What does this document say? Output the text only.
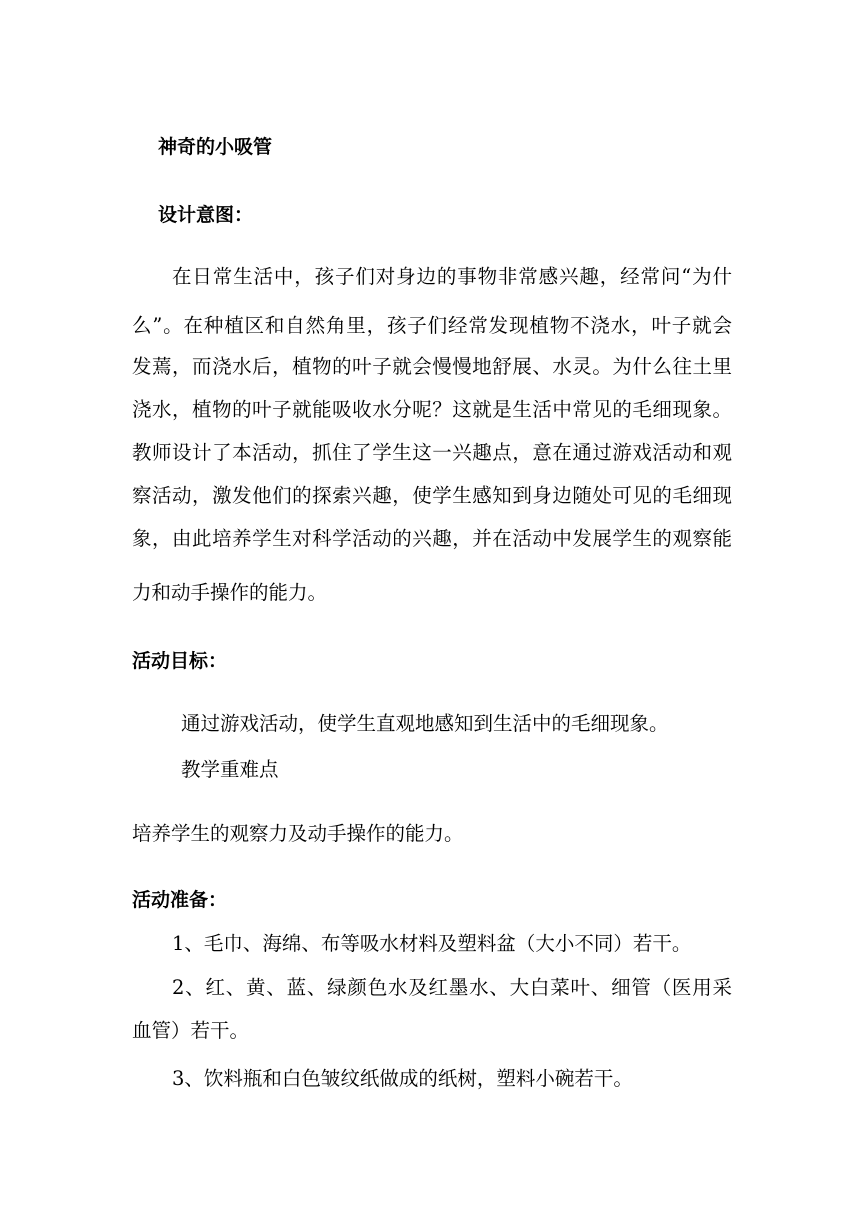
神奇的小吸管
设计意图：
在日常生活中，孩子们对身边的事物非常感兴趣，经常问“为什
么”。在种植区和自然角里，孩子们经常发现植物不浇水，叶子就会
发蔫，而浇水后，植物的叶子就会慢慢地舒展、水灵。为什么往土里
浇水，植物的叶子就能吸收水分呢？这就是生活中常见的毛细现象。
教师设计了本活动，抓住了学生这一兴趣点，意在通过游戏活动和观
察活动，激发他们的探索兴趣，使学生感知到身边随处可见的毛细现
象，由此培养学生对科学活动的兴趣，并在活动中发展学生的观察能
力和动手操作的能力。
活动目标：
通过游戏活动，使学生直观地感知到生活中的毛细现象。
教学重难点
培养学生的观察力及动手操作的能力。
活动准备：
1、毛巾、海绵、布等吸水材料及塑料盆（大小不同）若干。
2、红、黄、蓝、绿颜色水及红墨水、大白菜叶、细管（医用采
血管）若干。
3、饮料瓶和白色皱纹纸做成的纸树，塑料小碗若干。
